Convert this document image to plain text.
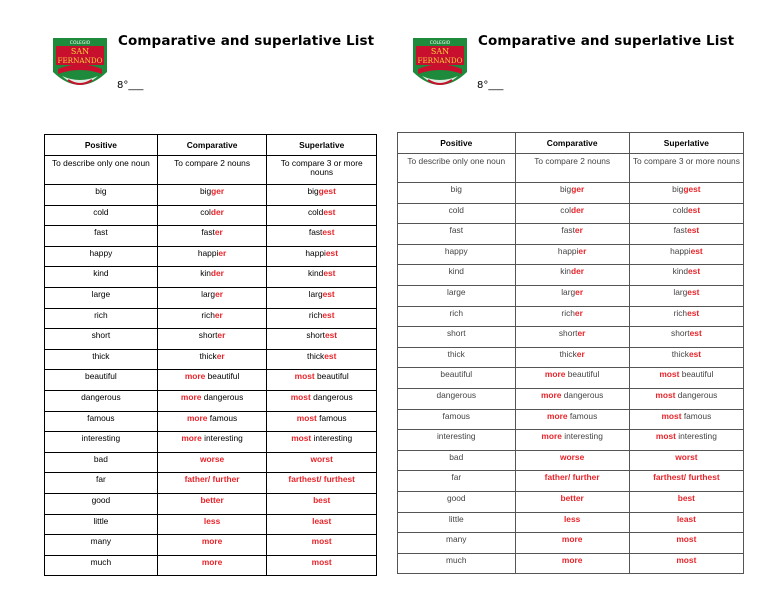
COLEGIO
SAN
FERNANDO
Comparative and superlative List
8°___
Positive	Comparative	Superlative
To describe only one noun	To compare 2 nouns	To compare 3 or more nouns
big	bigger	biggest
cold	colder	coldest
fast	faster	fastest
happy	happier	happiest
kind	kinder	kindest
large	larger	largest
rich	richer	richest
short	shorter	shortest
thick	thicker	thickest
beautiful	more beautiful	most beautiful
dangerous	more dangerous	most dangerous
famous	more famous	most famous
interesting	more interesting	most interesting
bad	worse	worst
far	father/ further	farthest/ furthest
good	better	best
little	less	least
many	more	most
much	more	most
COLEGIO
SAN
FERNANDO
Comparative and superlative List
8°___
Positive	Comparative	Superlative
To describe only one noun	To compare 2 nouns	To compare 3 or more nouns
big	bigger	biggest
cold	colder	coldest
fast	faster	fastest
happy	happier	happiest
kind	kinder	kindest
large	larger	largest
rich	richer	richest
short	shorter	shortest
thick	thicker	thickest
beautiful	more beautiful	most beautiful
dangerous	more dangerous	most dangerous
famous	more famous	most famous
interesting	more interesting	most interesting
bad	worse	worst
far	father/ further	farthest/ furthest
good	better	best
little	less	least
many	more	most
much	more	most
